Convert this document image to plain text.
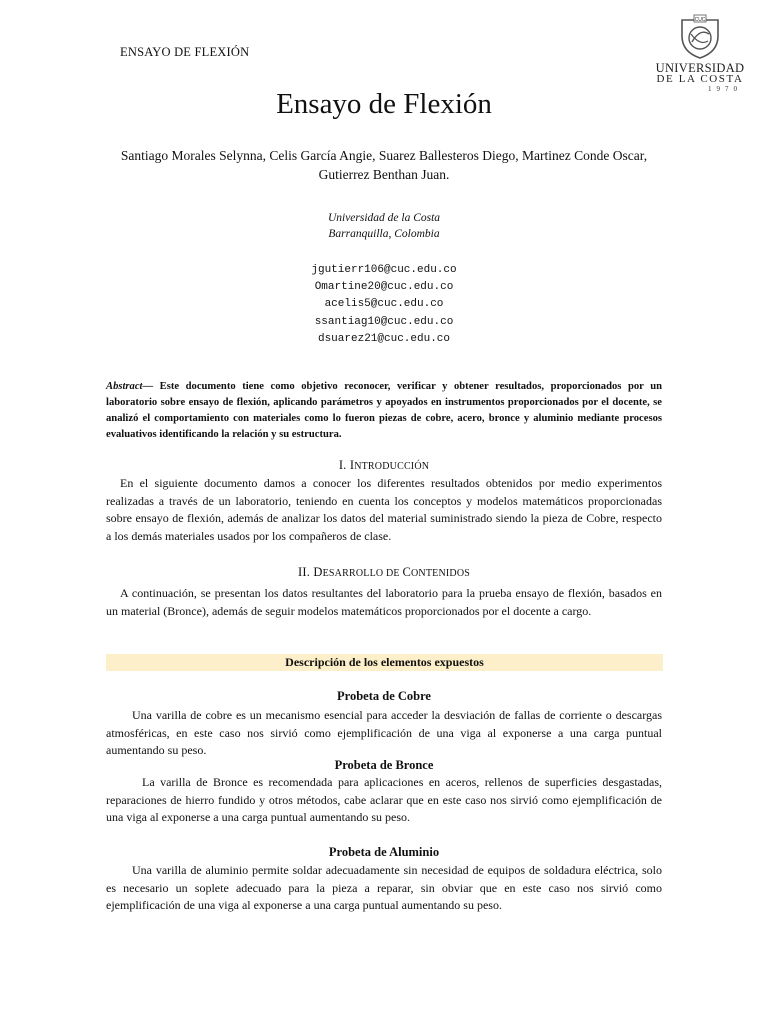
ENSAYO DE FLEXIÓN
CUC
UNIVERSIDAD
DE LA COSTA
1970
Ensayo de Flexión
Santiago Morales Selynna, Celis García Angie, Suarez Ballesteros Diego, Martinez Conde Oscar, Gutierrez Benthan Juan.
Universidad de la Costa
Barranquilla, Colombia
jgutierr106@cuc.edu.co
Omartine20@cuc.edu.co
acelis5@cuc.edu.co
ssantiag10@cuc.edu.co
dsuarez21@cuc.edu.co
Abstract— Este documento tiene como objetivo reconocer, verificar y obtener resultados, proporcionados por un laboratorio sobre ensayo de flexión, aplicando parámetros y apoyados en instrumentos proporcionados por el docente, se analizó el comportamiento con materiales como lo fueron piezas de cobre, acero, bronce y aluminio mediante procesos evaluativos identificando la relación y su estructura.
I. INTRODUCCIÓN
En el siguiente documento damos a conocer los diferentes resultados obtenidos por medio experimentos realizadas a través de un laboratorio, teniendo en cuenta los conceptos y modelos matemáticos proporcionadas sobre ensayo de flexión, además de analizar los datos del material suministrado siendo la pieza de Cobre, respecto a los demás materiales usados por los compañeros de clase.
II. DESARROLLO DE CONTENIDOS
A continuación, se presentan los datos resultantes del laboratorio para la prueba ensayo de flexión, basados en un material (Bronce), además de seguir modelos matemáticos proporcionados por el docente a cargo.
Descripción de los elementos expuestos
Probeta de Cobre
Una varilla de cobre es un mecanismo esencial para acceder la desviación de fallas de corriente o descargas atmosféricas, en este caso nos sirvió como ejemplificación de una viga al exponerse a una carga puntual aumentando su peso.
Probeta de Bronce
La varilla de Bronce es recomendada para aplicaciones en aceros, rellenos de superficies desgastadas, reparaciones de hierro fundido y otros métodos, cabe aclarar que en este caso nos sirvió como ejemplificación de una viga al exponerse a una carga puntual aumentando su peso.
Probeta de Aluminio
Una varilla de aluminio permite soldar adecuadamente sin necesidad de equipos de soldadura eléctrica, solo es necesario un soplete adecuado para la pieza a reparar, sin obviar que en este caso nos sirvió como ejemplificación de una viga al exponerse a una carga puntual aumentando su peso.
